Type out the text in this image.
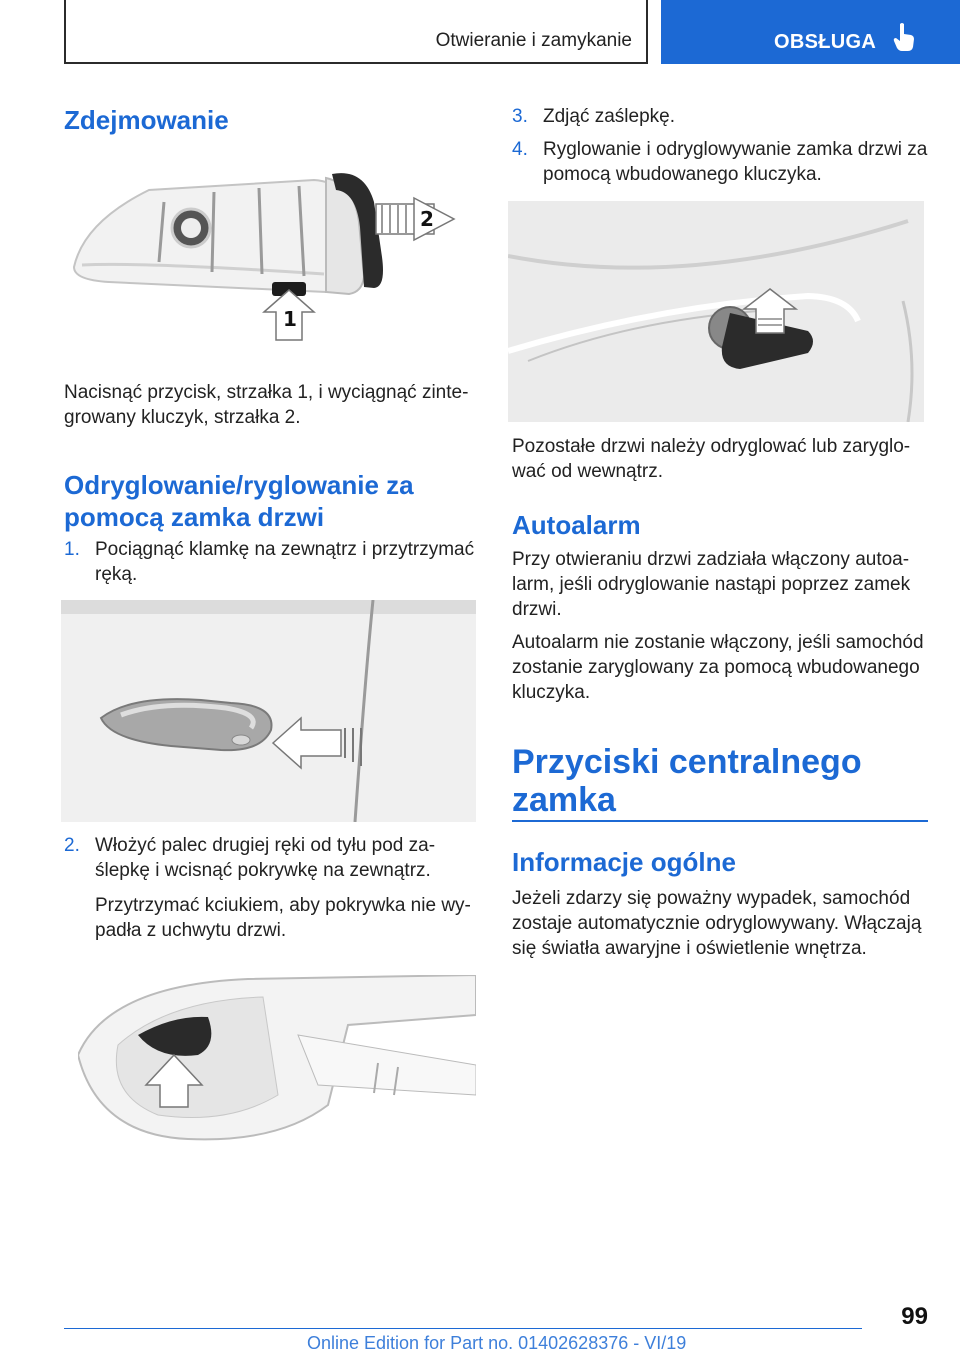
Otwieranie i zamykanie	OBSŁUGA
Zdejmowanie
2
1

Nacisnąć przycisk, strzałka 1, i wyciągnąć zinte‐growany kluczyk, strzałka 2.

Odryglowanie/ryglowanie za pomocą zamka drzwi
1. Pociągnąć klamkę na zewnątrz i przytrzymać ręką.
2. Włożyć palec drugiej ręki od tyłu pod za‐ślepkę i wcisnąć pokrywkę na zewnątrz.
Przytrzymać kciukiem, aby pokrywka nie wy‐padła z uchwytu drzwi.
3. Zdjąć zaślepkę.
4. Ryglowanie i odryglowywanie zamka drzwi za pomocą wbudowanego kluczyka.

Pozostałe drzwi należy odryglować lub zaryglo‐wać od wewnątrz.

Autoalarm

Przy otwieraniu drzwi zadziała włączony autoa‐larm, jeśli odryglowanie nastąpi poprzez zamek drzwi.

Autoalarm nie zostanie włączony, jeśli samochód zostanie zaryglowany za pomocą wbudowanego kluczyka.

Przyciski centralnego zamka
Informacje ogólne

Jeżeli zdarzy się poważny wypadek, samochód zostaje automatycznie odryglowywany. Włączają się światła awaryjne i oświetlenie wnętrza.

99
Online Edition for Part no. 01402628376 - VI/19
